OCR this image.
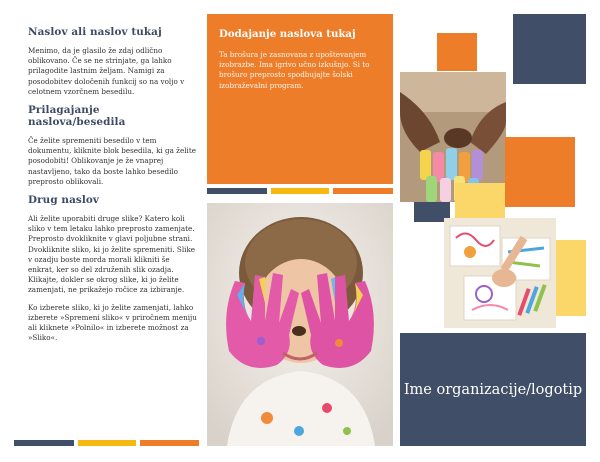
Naslov ali naslov tukaj
Menimo, da je glasilo že zdaj odlično oblikovano. Če se ne strinjate, ga lahko prilagodite lastnim željam. Namigi za posodobitev določenih funkcij so na voljo v celotnem vzorčnem besedilu.
Prilagajanje naslova/besedila
Če želite spremeniti besedilo v tem dokumentu, kliknite blok besedila, ki ga želite posodobiti! Oblikovanje je že vnaprej nastavljeno, tako da boste lahko besedilo preprosto oblikovali.
Drug naslov
Ali želite uporabiti druge slike? Katero koli sliko v tem letaku lahko preprosto zamenjate. Preprosto dvokliknite v glavi poljubne strani. Dvokliknite sliko, ki jo želite spremeniti. Slike v ozadju boste morda morali klikniti še enkrat, ker so del združenih slik ozadja. Klikajte, dokler se okrog slike, ki jo želite zamenjati, ne prikažejo ročice za izbiranje.
Ko izberete sliko, ki jo želite zamenjati, lahko izberete »Spremeni sliko« v priročnem meniju ali kliknete »Polnilo« in izberete možnost za »Sliko«.
Dodajanje naslova tukaj
Ta brošura je zasnovana z upoštevanjem izobrazbe. Ima igrivo učno izkušnjo. Si to brošuro preprosto spodbujajte šolski izobraževalni program.
Ime organizacije/logotip
